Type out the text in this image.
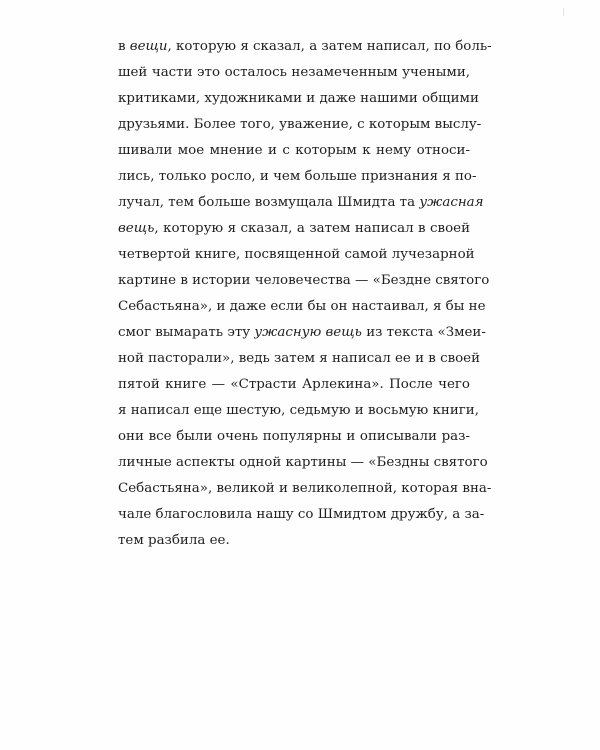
в вещи, которую я сказал, а затем написал, по боль-
шей части это осталось незамеченным учеными,
критиками, художниками и даже нашими общими
друзьями. Более того, уважение, с которым выслу-
шивали мое мнение и с которым к нему относи-
лись, только росло, и чем больше признания я по-
лучал, тем больше возмущала Шмидта та ужасная
вещь, которую я сказал, а затем написал в своей
четвертой книге, посвященной самой лучезарной
картине в истории человечества — «Бездне святого
Себастьяна», и даже если бы он настаивал, я бы не
смог вымарать эту ужасную вещь из текста «Змеи-
ной пасторали», ведь затем я написал ее и в своей
пятой книге — «Страсти Арлекина». После чего
я написал еще шестую, седьмую и восьмую книги,
они все были очень популярны и описывали раз-
личные аспекты одной картины — «Бездны святого
Себастьяна», великой и великолепной, которая вна-
чале благословила нашу со Шмидтом дружбу, а за-
тем разбила ее.
